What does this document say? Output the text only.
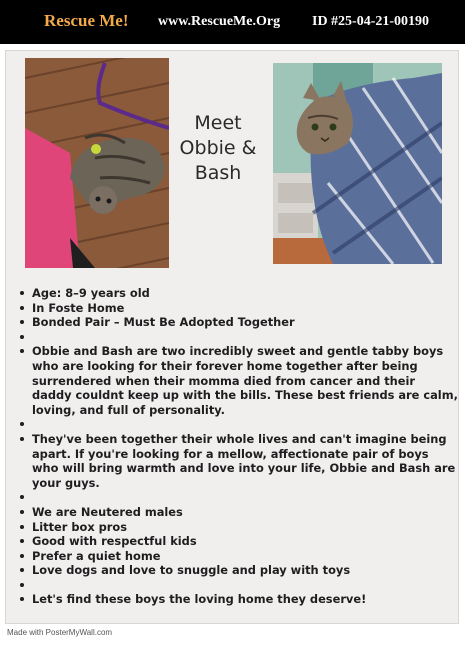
Rescue Me! www.RescueMe.Org ID #25-04-21-00190
Meet
Obbie &
Bash
Age: 8–9 years old
In Foste Home
Bonded Pair – Must Be Adopted Together
Obbie and Bash are two incredibly sweet and gentle tabby boys who are looking for their forever home together after being surrendered when their momma died from cancer and their daddy couldnt keep up with the bills. These best friends are calm, loving, and full of personality.
They've been together their whole lives and can't imagine being apart. If you're looking for a mellow, affectionate pair of boys who will bring warmth and love into your life, Obbie and Bash are your guys.
We are Neutered males
Litter box pros
Good with respectful kids
Prefer a quiet home
Love dogs and love to snuggle and play with toys
Let's find these boys the loving home they deserve!
Made with PosterMyWall.com
